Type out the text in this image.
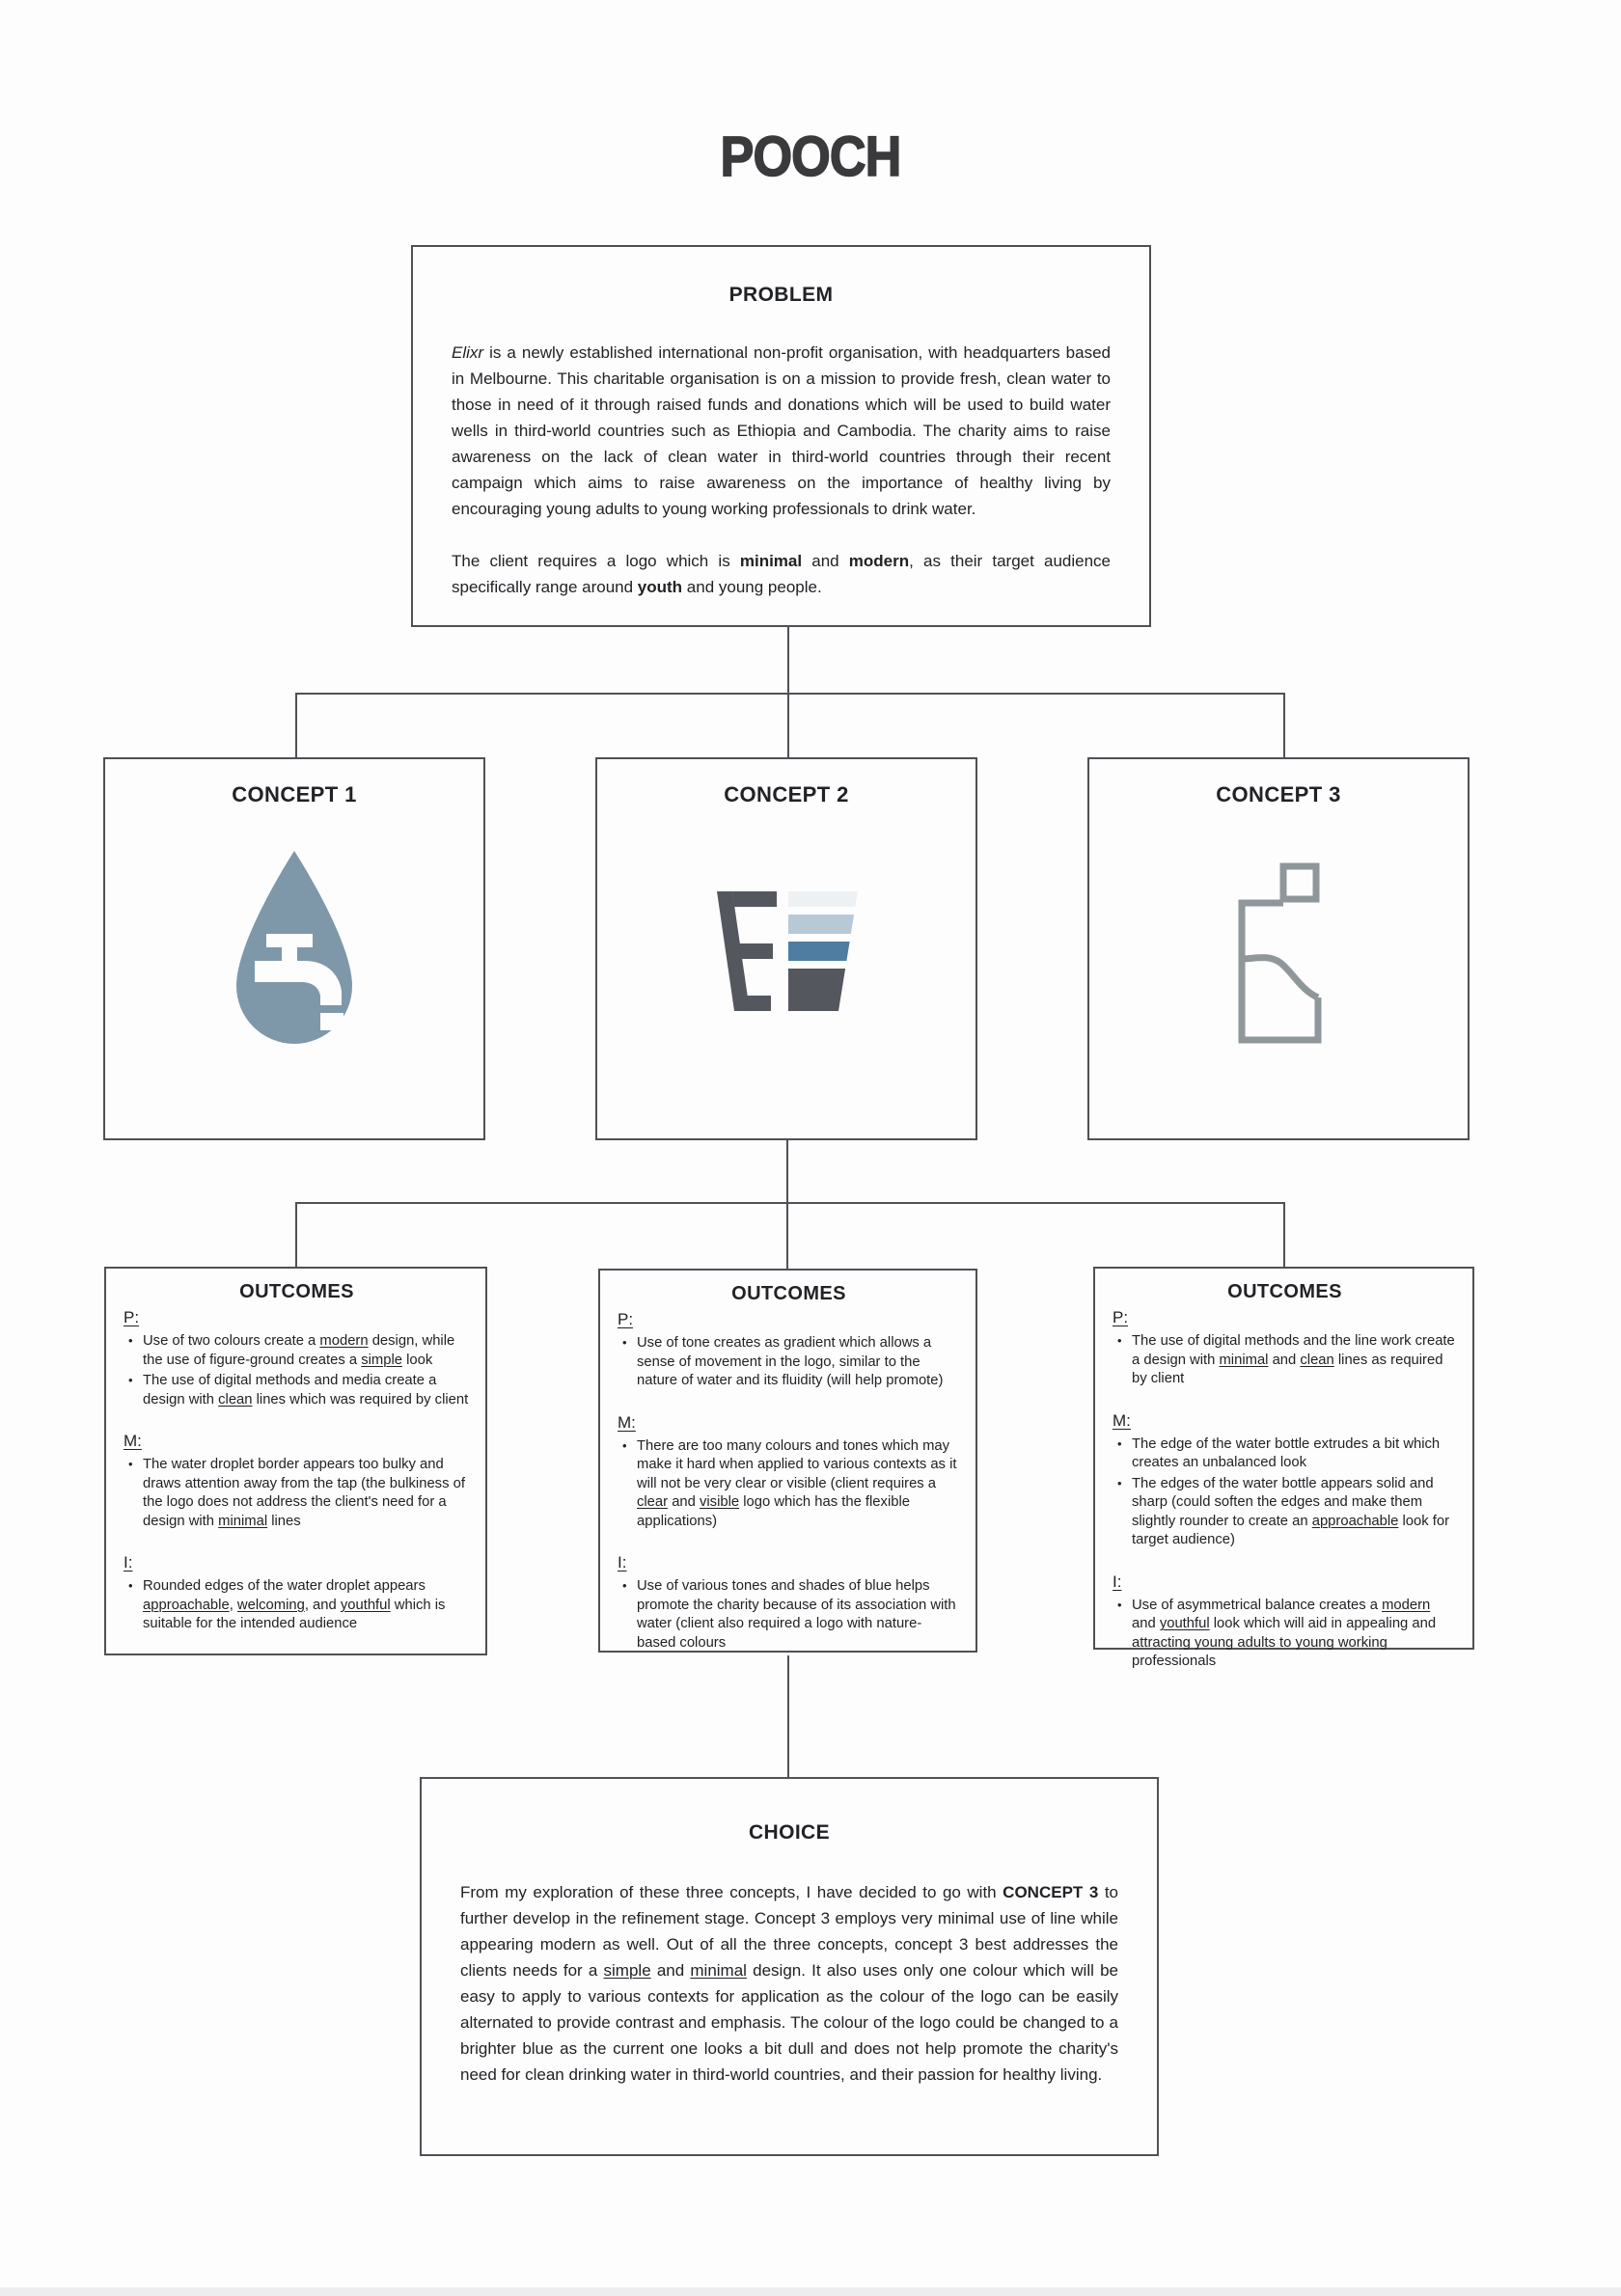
POOCH
PROBLEM

Elixr is a newly established international non-profit organisation, with headquarters based in Melbourne. This charitable organisation is on a mission to provide fresh, clean water to those in need of it through raised funds and donations which will be used to build water wells in third-world countries such as Ethiopia and Cambodia. The charity aims to raise awareness on the lack of clean water in third-world countries through their recent campaign which aims to raise awareness on the importance of healthy living by encouraging young adults to young working professionals to drink water.

The client requires a logo which is minimal and modern, as their target audience specifically range around youth and young people.

CONCEPT 1	CONCEPT 2	CONCEPT 3
OUTCOMES
P:
• Use of two colours create a modern design, while the use of figure-ground creates a simple look
• The use of digital methods and media create a design with clean lines which was required by client
M:
• The water droplet border appears too bulky and draws attention away from the tap (the bulkiness of the logo does not address the client's need for a design with minimal lines
I:
• Rounded edges of the water droplet appears approachable, welcoming, and youthful which is suitable for the intended audience
OUTCOMES
P:
• Use of tone creates as gradient which allows a sense of movement in the logo, similar to the nature of water and its fluidity (will help promote)
M:
• There are too many colours and tones which may make it hard when applied to various contexts as it will not be very clear or visible (client requires a clear and visible logo which has the flexible applications)
I:
• Use of various tones and shades of blue helps promote the charity because of its association with water (client also required a logo with nature-based colours
OUTCOMES
P:
• The use of digital methods and the line work create a design with minimal and clean lines as required by client
M:
• The edge of the water bottle extrudes a bit which creates an unbalanced look
• The edges of the water bottle appears solid and sharp (could soften the edges and make them slightly rounder to create an approachable look for target audience)
I:
• Use of asymmetrical balance creates a modern and youthful look which will aid in appealing and attracting young adults to young working professionals
CHOICE

From my exploration of these three concepts, I have decided to go with CONCEPT 3 to further develop in the refinement stage. Concept 3 employs very minimal use of line while appearing modern as well. Out of all the three concepts, concept 3 best addresses the clients needs for a simple and minimal design. It also uses only one colour which will be easy to apply to various contexts for application as the colour of the logo can be easily alternated to provide contrast and emphasis. The colour of the logo could be changed to a brighter blue as the current one looks a bit dull and does not help promote the charity's need for clean drinking water in third-world countries, and their passion for healthy living.
